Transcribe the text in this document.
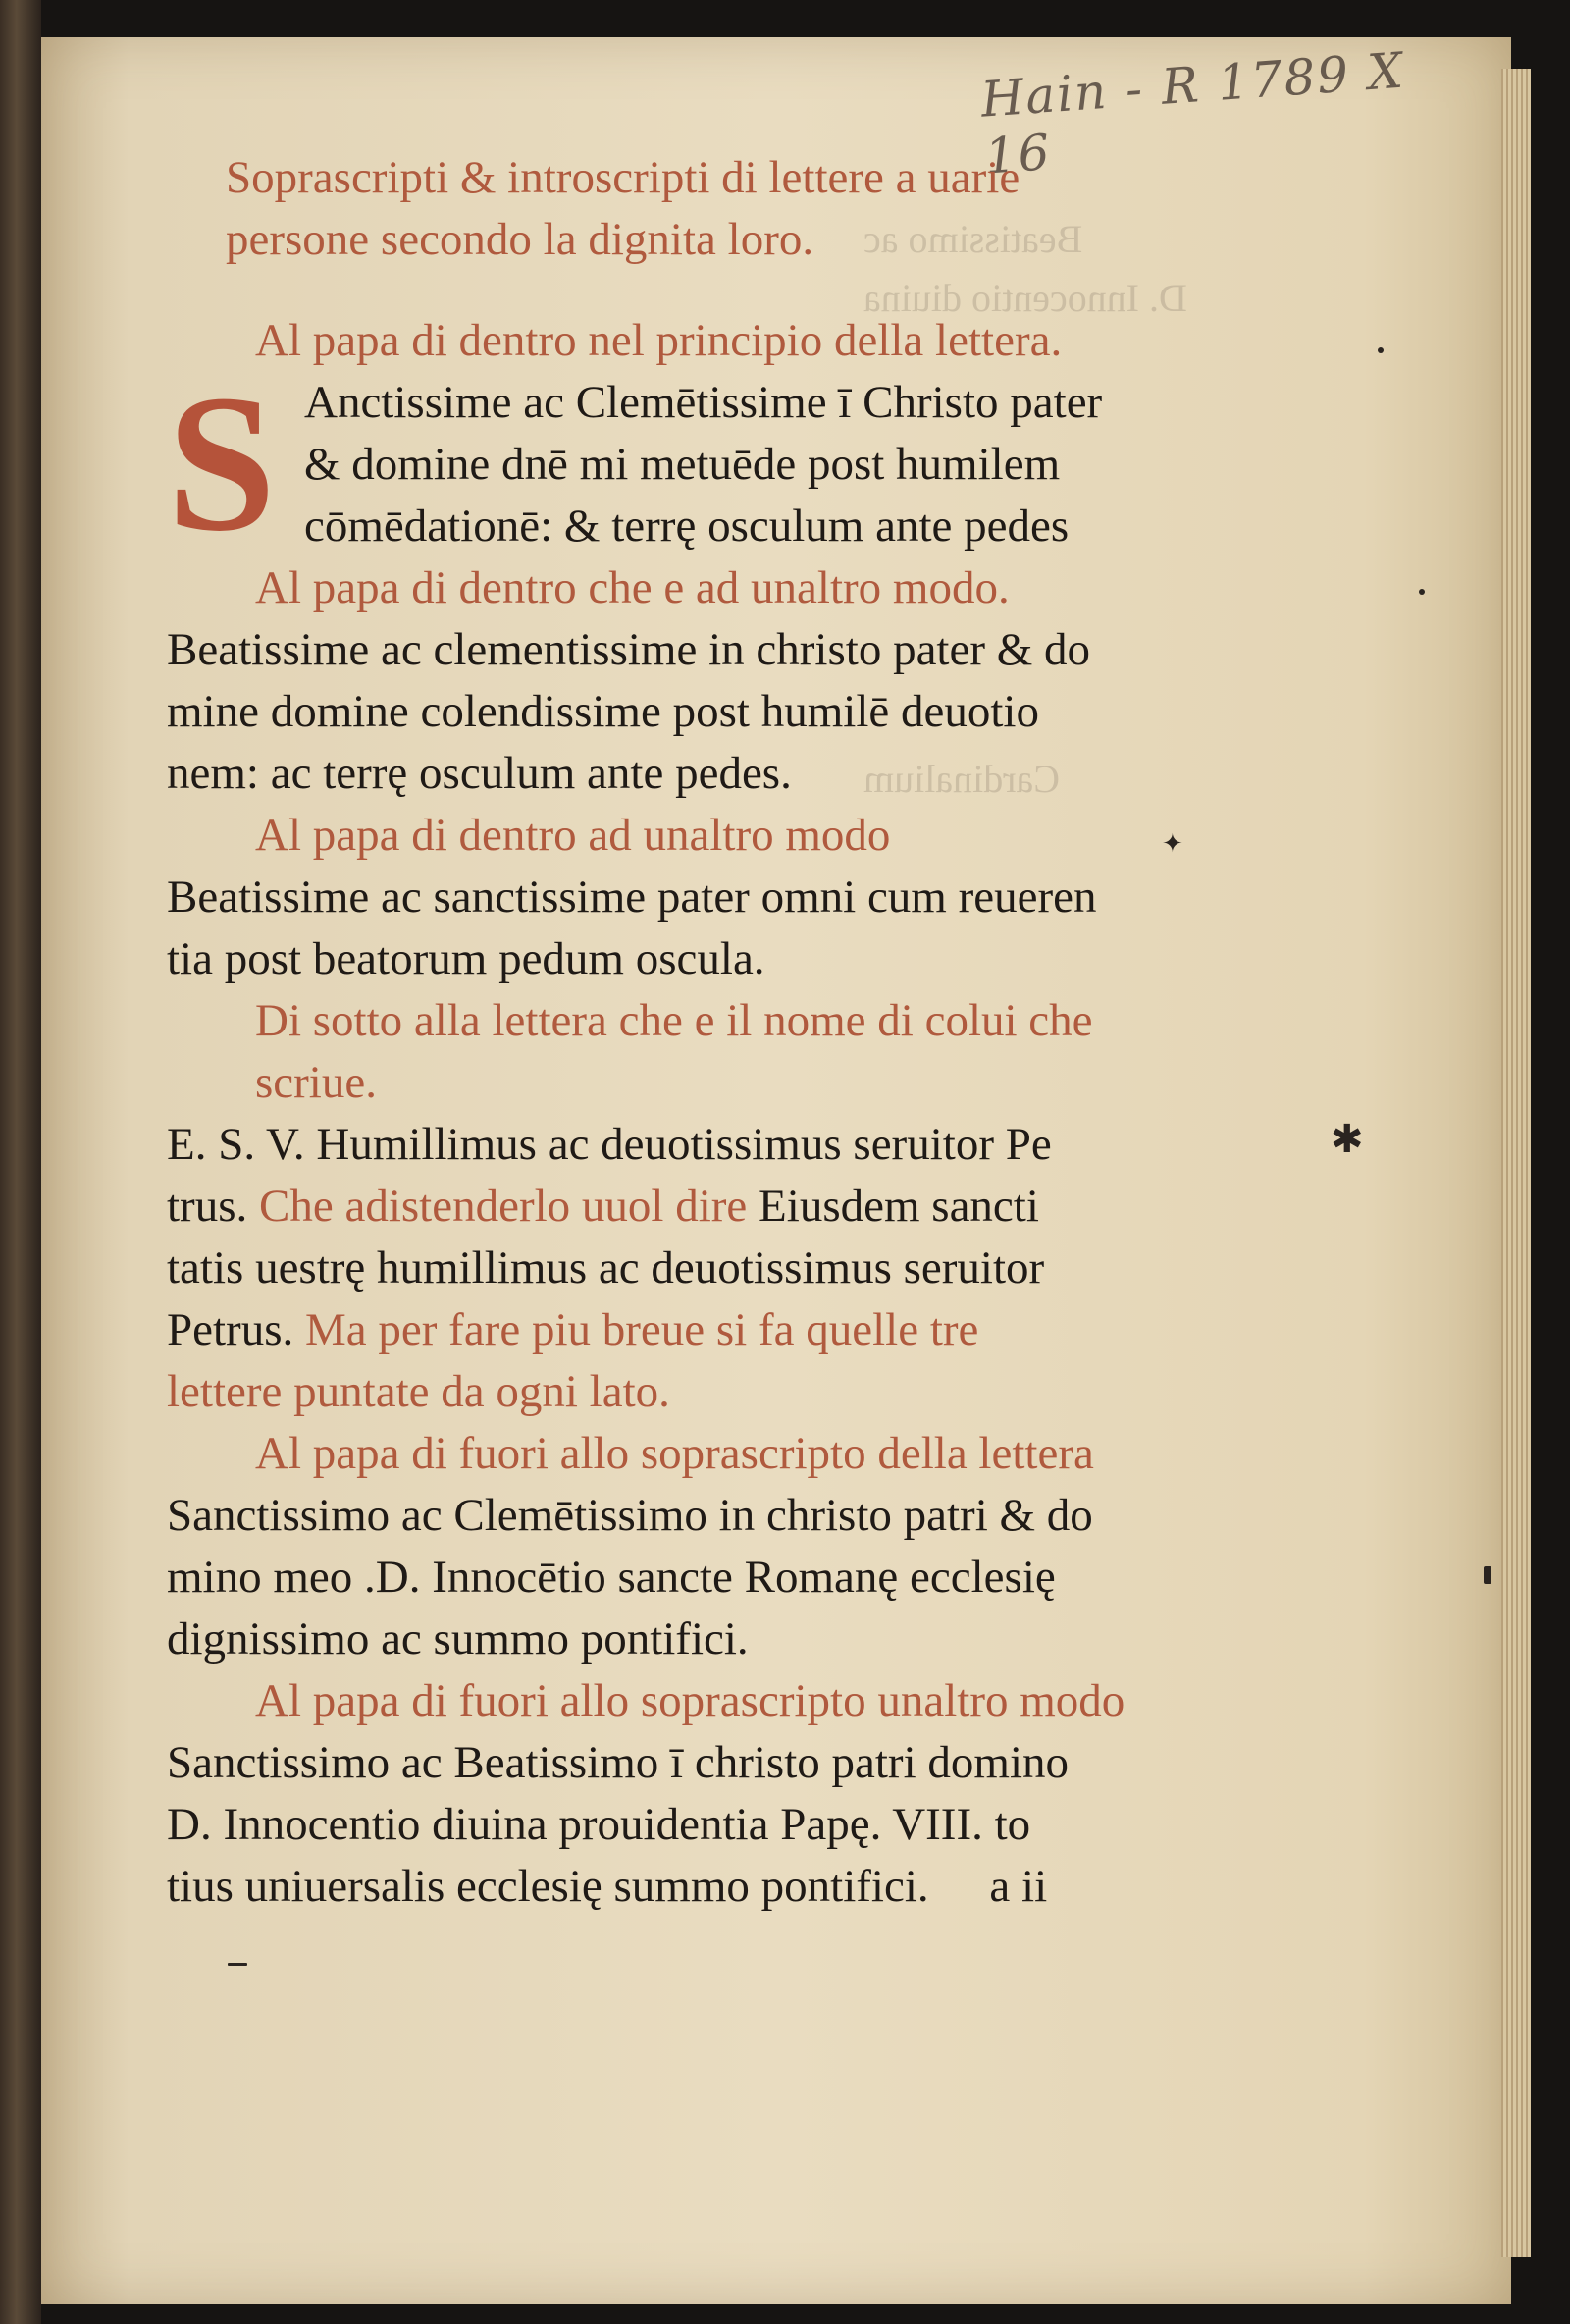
Hain - R 1789 X 16
Beatissimo ac
D. Innocentio diuina
Cardinalium
Soprascripti & introscripti di lettere a uarie
persone secondo la dignita loro.
Al papa di dentro nel principio della lettera.
S Anctissime ac Clemētissime ī Christo pater
& domine dnē mi metuēde post humilem
cōmēdationē: & terrę osculum ante pedes
Al papa di dentro che e ad unaltro modo.
Beatissime ac clementissime in christo pater & do
mine domine colendissime post humilē deuotio
nem: ac terrę osculum ante pedes.
Al papa di dentro ad unaltro modo
Beatissime ac sanctissime pater omni cum reueren
tia post beatorum pedum oscula.
Di sotto alla lettera che e il nome di colui che
scriue.
E. S. V. Humillimus ac deuotissimus seruitor Pe
trus. Che adistenderlo uuol dire Eiusdem sancti
tatis uestrę humillimus ac deuotissimus seruitor
Petrus. Ma per fare piu breue si fa quelle tre
lettere puntate da ogni lato.
Al papa di fuori allo soprascripto della lettera
Sanctissimo ac Clemētissimo in christo patri & do
mino meo .D. Innocētio sancte Romanę ecclesię
dignissimo ac summo pontifici.
Al papa di fuori allo soprascripto unaltro modo
Sanctissimo ac Beatissimo ī christo patri domino
D. Innocentio diuina prouidentia Papę. VIII. to
tius uniuersalis ecclesię summo pontifici. a ii
✱
✦
